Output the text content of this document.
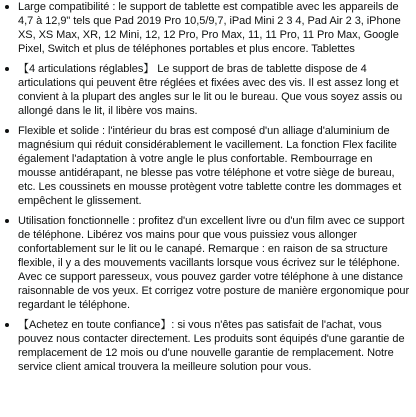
Large compatibilité : le support de tablette est compatible avec les appareils de 4,7 à 12,9" tels que Pad 2019 Pro 10,5/9,7, iPad Mini 2 3 4, Pad Air 2 3, iPhone XS, XS Max, XR, 12 Mini, 12, 12 Pro, Pro Max, 11, 11 Pro, 11 Pro Max, Google Pixel, Switch et plus de téléphones portables et plus encore. Tablettes
【4 articulations réglables】 Le support de bras de tablette dispose de 4 articulations qui peuvent être réglées et fixées avec des vis. Il est assez long et convient à la plupart des angles sur le lit ou le bureau. Que vous soyez assis ou allongé dans le lit, il libère vos mains.
Flexible et solide : l'intérieur du bras est composé d'un alliage d'aluminium de magnésium qui réduit considérablement le vacillement. La fonction Flex facilite également l'adaptation à votre angle le plus confortable. Rembourrage en mousse antidérapant, ne blesse pas votre téléphone et votre siège de bureau, etc. Les coussinets en mousse protègent votre tablette contre les dommages et empêchent le glissement.
Utilisation fonctionnelle : profitez d'un excellent livre ou d'un film avec ce support de téléphone. Libérez vos mains pour que vous puissiez vous allonger confortablement sur le lit ou le canapé. Remarque : en raison de sa structure flexible, il y a des mouvements vacillants lorsque vous écrivez sur le téléphone. Avec ce support paresseux, vous pouvez garder votre téléphone à une distance raisonnable de vos yeux. Et corrigez votre posture de manière ergonomique pour regardant le téléphone.
【Achetez en toute confiance】: si vous n'êtes pas satisfait de l'achat, vous pouvez nous contacter directement. Les produits sont équipés d'une garantie de remplacement de 12 mois ou d'une nouvelle garantie de remplacement. Notre service client amical trouvera la meilleure solution pour vous.
